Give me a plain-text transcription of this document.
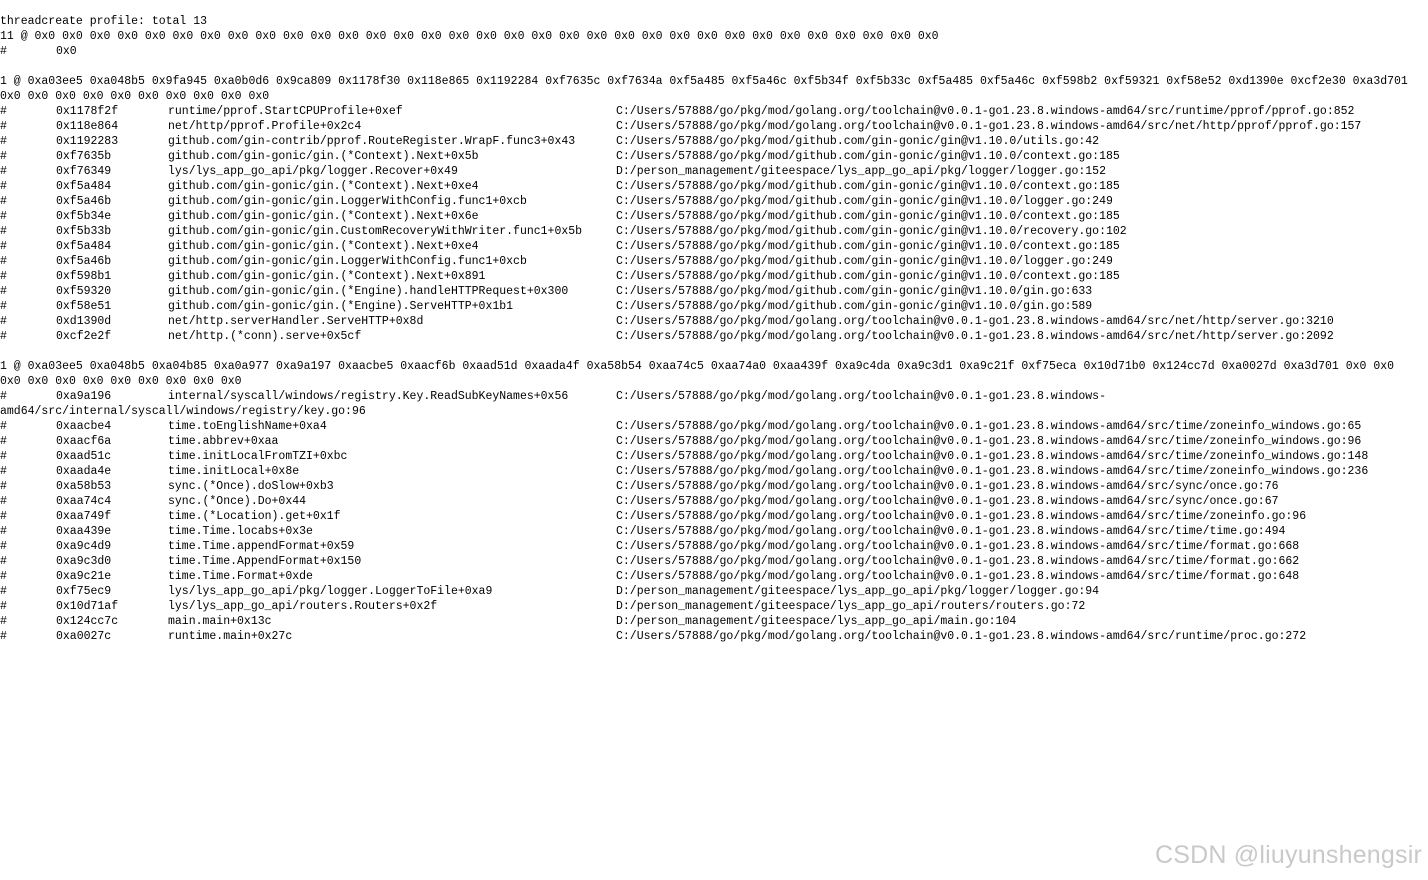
threadcreate profile: total 13
11 @ 0x0 0x0 0x0 0x0 0x0 0x0 0x0 0x0 0x0 0x0 0x0 0x0 0x0 0x0 0x0 0x0 0x0 0x0 0x0 0x0 0x0 0x0 0x0 0x0 0x0 0x0 0x0 0x0 0x0 0x0 0x0 0x0 0x0
#	0x0
1 @ 0xa03ee5 0xa048b5 0x9fa945 0xa0b0d6 0x9ca809 0x1178f30 0x118e865 0x1192284 0xf7635c 0xf7634a 0xf5a485 0xf5a46c 0xf5b34f 0xf5b33c 0xf5a485 0xf5a46c 0xf598b2 0xf59321 0xf58e52 0xd1390e 0xcf2e30 0xa3d701
0x0 0x0 0x0 0x0 0x0 0x0 0x0 0x0 0x0 0x0
#	0x1178f2f	runtime/pprof.StartCPUProfile+0xef	C:/Users/57888/go/pkg/mod/golang.org/toolchain@v0.0.1-go1.23.8.windows-amd64/src/runtime/pprof/pprof.go:852
#	0x118e864	net/http/pprof.Profile+0x2c4	C:/Users/57888/go/pkg/mod/golang.org/toolchain@v0.0.1-go1.23.8.windows-amd64/src/net/http/pprof/pprof.go:157
#	0x1192283	github.com/gin-contrib/pprof.RouteRegister.WrapF.func3+0x43	C:/Users/57888/go/pkg/mod/github.com/gin-gonic/gin@v1.10.0/utils.go:42
#	0xf7635b	github.com/gin-gonic/gin.(*Context).Next+0x5b	C:/Users/57888/go/pkg/mod/github.com/gin-gonic/gin@v1.10.0/context.go:185
#	0xf76349	lys/lys_app_go_api/pkg/logger.Recover+0x49	D:/person_management/giteespace/lys_app_go_api/pkg/logger/logger.go:152
#	0xf5a484	github.com/gin-gonic/gin.(*Context).Next+0xe4	C:/Users/57888/go/pkg/mod/github.com/gin-gonic/gin@v1.10.0/context.go:185
#	0xf5a46b	github.com/gin-gonic/gin.LoggerWithConfig.func1+0xcb	C:/Users/57888/go/pkg/mod/github.com/gin-gonic/gin@v1.10.0/logger.go:249
#	0xf5b34e	github.com/gin-gonic/gin.(*Context).Next+0x6e	C:/Users/57888/go/pkg/mod/github.com/gin-gonic/gin@v1.10.0/context.go:185
#	0xf5b33b	github.com/gin-gonic/gin.CustomRecoveryWithWriter.func1+0x5b	C:/Users/57888/go/pkg/mod/github.com/gin-gonic/gin@v1.10.0/recovery.go:102
#	0xf5a484	github.com/gin-gonic/gin.(*Context).Next+0xe4	C:/Users/57888/go/pkg/mod/github.com/gin-gonic/gin@v1.10.0/context.go:185
#	0xf5a46b	github.com/gin-gonic/gin.LoggerWithConfig.func1+0xcb	C:/Users/57888/go/pkg/mod/github.com/gin-gonic/gin@v1.10.0/logger.go:249
#	0xf598b1	github.com/gin-gonic/gin.(*Context).Next+0x891	C:/Users/57888/go/pkg/mod/github.com/gin-gonic/gin@v1.10.0/context.go:185
#	0xf59320	github.com/gin-gonic/gin.(*Engine).handleHTTPRequest+0x300	C:/Users/57888/go/pkg/mod/github.com/gin-gonic/gin@v1.10.0/gin.go:633
#	0xf58e51	github.com/gin-gonic/gin.(*Engine).ServeHTTP+0x1b1	C:/Users/57888/go/pkg/mod/github.com/gin-gonic/gin@v1.10.0/gin.go:589
#	0xd1390d	net/http.serverHandler.ServeHTTP+0x8d	C:/Users/57888/go/pkg/mod/golang.org/toolchain@v0.0.1-go1.23.8.windows-amd64/src/net/http/server.go:3210
#	0xcf2e2f	net/http.(*conn).serve+0x5cf	C:/Users/57888/go/pkg/mod/golang.org/toolchain@v0.0.1-go1.23.8.windows-amd64/src/net/http/server.go:2092
1 @ 0xa03ee5 0xa048b5 0xa04b85 0xa0a977 0xa9a197 0xaacbe5 0xaacf6b 0xaad51d 0xaada4f 0xa58b54 0xaa74c5 0xaa74a0 0xaa439f 0xa9c4da 0xa9c3d1 0xa9c21f 0xf75eca 0x10d71b0 0x124cc7d 0xa0027d 0xa3d701 0x0 0x0
0x0 0x0 0x0 0x0 0x0 0x0 0x0 0x0 0x0
#	0xa9a196	internal/syscall/windows/registry.Key.ReadSubKeyNames+0x56	C:/Users/57888/go/pkg/mod/golang.org/toolchain@v0.0.1-go1.23.8.windows-
amd64/src/internal/syscall/windows/registry/key.go:96
#	0xaacbe4	time.toEnglishName+0xa4	C:/Users/57888/go/pkg/mod/golang.org/toolchain@v0.0.1-go1.23.8.windows-amd64/src/time/zoneinfo_windows.go:65
#	0xaacf6a	time.abbrev+0xaa	C:/Users/57888/go/pkg/mod/golang.org/toolchain@v0.0.1-go1.23.8.windows-amd64/src/time/zoneinfo_windows.go:96
#	0xaad51c	time.initLocalFromTZI+0xbc	C:/Users/57888/go/pkg/mod/golang.org/toolchain@v0.0.1-go1.23.8.windows-amd64/src/time/zoneinfo_windows.go:148
#	0xaada4e	time.initLocal+0x8e	C:/Users/57888/go/pkg/mod/golang.org/toolchain@v0.0.1-go1.23.8.windows-amd64/src/time/zoneinfo_windows.go:236
#	0xa58b53	sync.(*Once).doSlow+0xb3	C:/Users/57888/go/pkg/mod/golang.org/toolchain@v0.0.1-go1.23.8.windows-amd64/src/sync/once.go:76
#	0xaa74c4	sync.(*Once).Do+0x44	C:/Users/57888/go/pkg/mod/golang.org/toolchain@v0.0.1-go1.23.8.windows-amd64/src/sync/once.go:67
#	0xaa749f	time.(*Location).get+0x1f	C:/Users/57888/go/pkg/mod/golang.org/toolchain@v0.0.1-go1.23.8.windows-amd64/src/time/zoneinfo.go:96
#	0xaa439e	time.Time.locabs+0x3e	C:/Users/57888/go/pkg/mod/golang.org/toolchain@v0.0.1-go1.23.8.windows-amd64/src/time/time.go:494
#	0xa9c4d9	time.Time.appendFormat+0x59	C:/Users/57888/go/pkg/mod/golang.org/toolchain@v0.0.1-go1.23.8.windows-amd64/src/time/format.go:668
#	0xa9c3d0	time.Time.AppendFormat+0x150	C:/Users/57888/go/pkg/mod/golang.org/toolchain@v0.0.1-go1.23.8.windows-amd64/src/time/format.go:662
#	0xa9c21e	time.Time.Format+0xde	C:/Users/57888/go/pkg/mod/golang.org/toolchain@v0.0.1-go1.23.8.windows-amd64/src/time/format.go:648
#	0xf75ec9	lys/lys_app_go_api/pkg/logger.LoggerToFile+0xa9	D:/person_management/giteespace/lys_app_go_api/pkg/logger/logger.go:94
#	0x10d71af	lys/lys_app_go_api/routers.Routers+0x2f	D:/person_management/giteespace/lys_app_go_api/routers/routers.go:72
#	0x124cc7c	main.main+0x13c	D:/person_management/giteespace/lys_app_go_api/main.go:104
#	0xa0027c	runtime.main+0x27c	C:/Users/57888/go/pkg/mod/golang.org/toolchain@v0.0.1-go1.23.8.windows-amd64/src/runtime/proc.go:272
CSDN @liuyunshengsir
